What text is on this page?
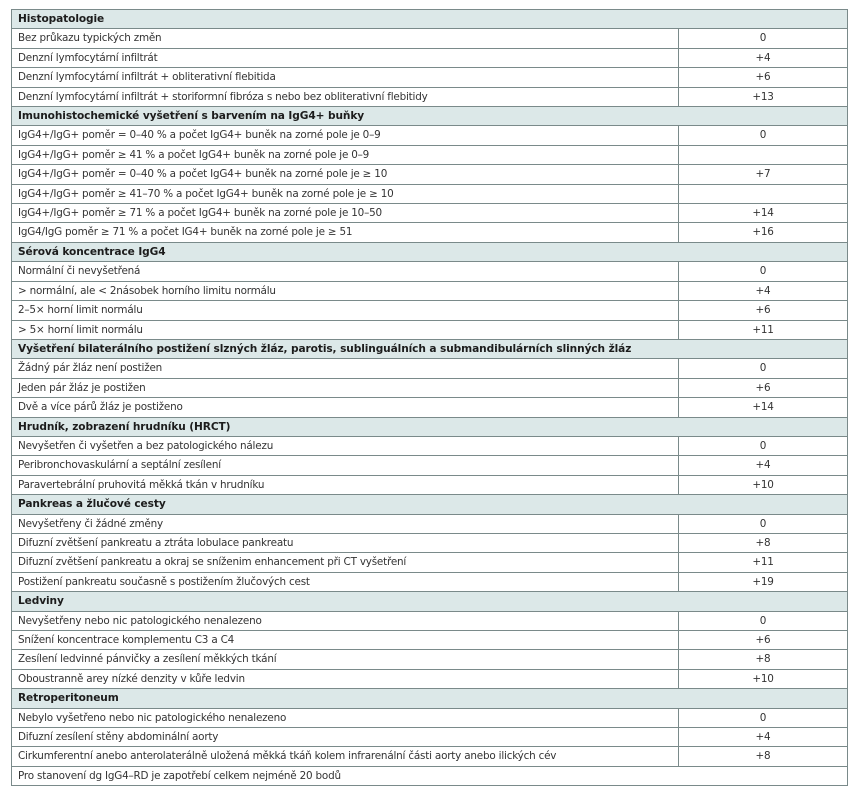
Histopatologie	
Bez průkazu typických změn	0
Denzní lymfocytární infiltrát	+4
Denzní lymfocytární infiltrát + obliterativní flebitida	+6
Denzní lymfocytární infiltrát + storiformní fibróza s nebo bez obliterativní flebitidy	+13
Imunohistochemické vyšetření s barvením na IgG4+ buňky	
IgG4+/IgG+ poměr = 0–40 % a počet IgG4+ buněk na zorné pole je 0–9	0
IgG4+/IgG+ poměr ≥ 41 % a počet IgG4+ buněk na zorné pole je 0–9	
IgG4+/IgG+ poměr = 0–40 % a počet IgG4+ buněk na zorné pole je ≥ 10	+7
IgG4+/IgG+ poměr ≥ 41–70 % a počet IgG4+ buněk na zorné pole je ≥ 10	
IgG4+/IgG+ poměr ≥ 71 % a počet IgG4+ buněk na zorné pole je 10–50	+14
IgG4/IgG poměr ≥ 71 % a počet IG4+ buněk na zorné pole je ≥ 51	+16
Sérová koncentrace IgG4	
Normální či nevyšetřená	0
> normální, ale < 2násobek horního limitu normálu	+4
2–5× horní limit normálu	+6
> 5× horní limit normálu	+11
Vyšetření bilaterálního postižení slzných žláz, parotis, sublinguálních a submandibulárních slinných žláz	
Žádný pár žláz není postižen	0
Jeden pár žláz je postižen	+6
Dvě a více párů žláz je postiženo	+14
Hrudník, zobrazení hrudníku (HRCT)	
Nevyšetřen či vyšetřen a bez patologického nálezu	0
Peribronchovaskulární a septální zesílení	+4
Paravertebrální pruhovitá měkká tkán v hrudníku	+10
Pankreas a žlučové cesty	
Nevyšetřeny či žádné změny	0
Difuzní zvětšení pankreatu a ztráta lobulace pankreatu	+8
Difuzní zvětšení pankreatu a okraj se sníženim enhancement při CT vyšetření	+11
Postižení pankreatu současně s postižením žlučových cest	+19
Ledviny	
Nevyšetřeny nebo nic patologického nenalezeno	0
Snížení koncentrace komplementu C3 a C4	+6
Zesílení ledvinné pánvičky a zesílení měkkých tkání	+8
Oboustranně arey nízké denzity v kůře ledvin	+10
Retroperitoneum	
Nebylo vyšetřeno nebo nic patologického nenalezeno	0
Difuzní zesílení stěny abdominální aorty	+4
Cirkumferentní anebo anterolaterálně uložená měkká tkáň kolem infrarenální části aorty anebo ilických cév	+8
Pro stanovení dg IgG4–RD je zapotřebí celkem nejméně 20 bodů	
